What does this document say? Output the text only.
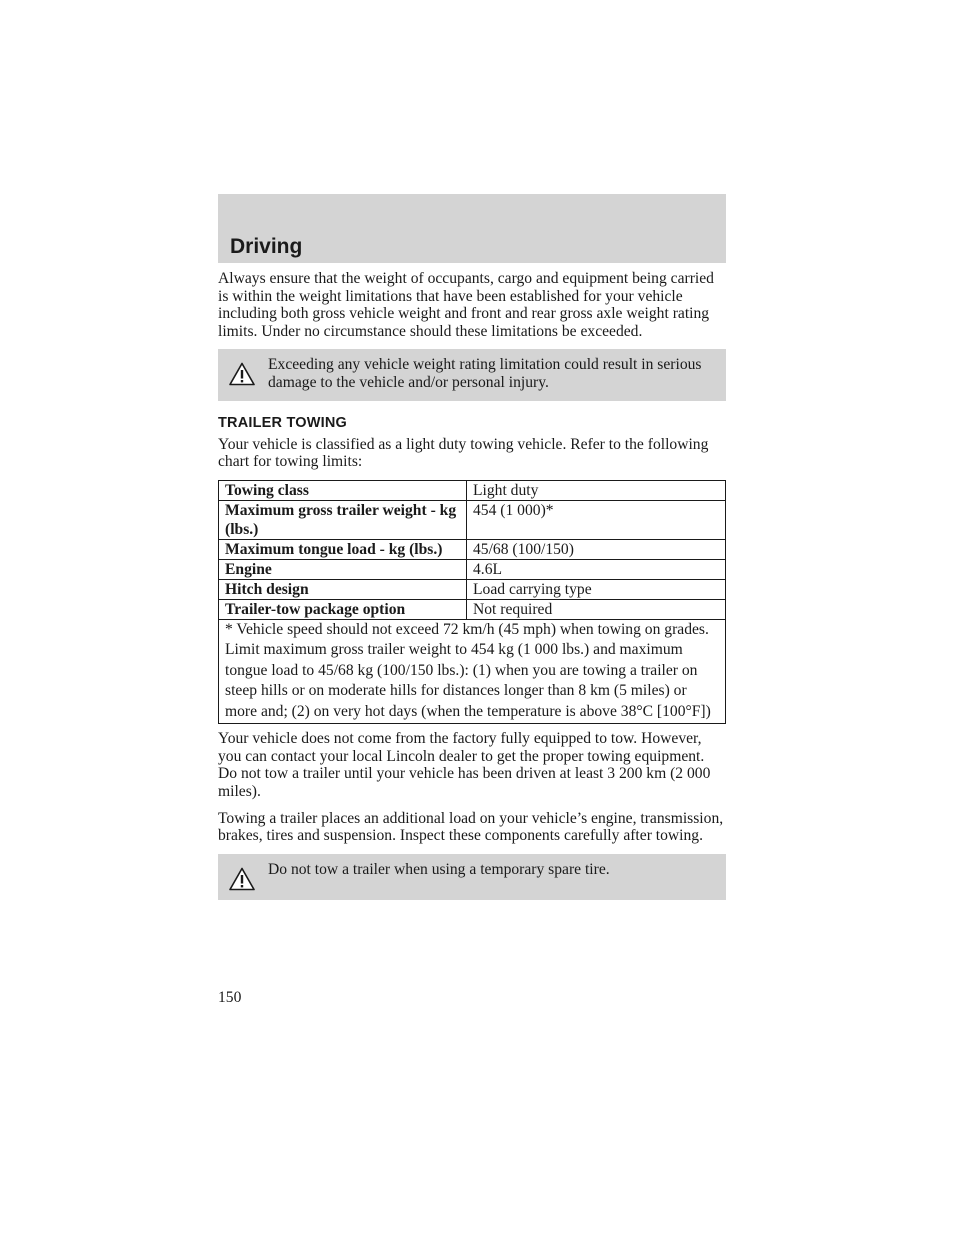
Driving

Always ensure that the weight of occupants, cargo and equipment being carried is within the weight limitations that have been established for your vehicle including both gross vehicle weight and front and rear gross axle weight rating limits. Under no circumstance should these limitations be exceeded.

Exceeding any vehicle weight rating limitation could result in serious damage to the vehicle and/or personal injury.
TRAILER TOWING

Your vehicle is classified as a light duty towing vehicle. Refer to the following chart for towing limits:

Towing class	Light duty
Maximum gross trailer weight - kg (lbs.)	454 (1 000)*
Maximum tongue load - kg (lbs.)	45/68 (100/150)
Engine	4.6L
Hitch design	Load carrying type
Trailer-tow package option	Not required
* Vehicle speed should not exceed 72 km/h (45 mph) when towing on grades. Limit maximum gross trailer weight to 454 kg (1 000 lbs.) and maximum tongue load to 45/68 kg (100/150 lbs.): (1) when you are towing a trailer on steep hills or on moderate hills for distances longer than 8 km (5 miles) or more and; (2) on very hot days (when the temperature is above 38°C [100°F])	

Your vehicle does not come from the factory fully equipped to tow. However, you can contact your local Lincoln dealer to get the proper towing equipment. Do not tow a trailer until your vehicle has been driven at least 3 200 km (2 000 miles).

Towing a trailer places an additional load on your vehicle’s engine, transmission, brakes, tires and suspension. Inspect these components carefully after towing.

Do not tow a trailer when using a temporary spare tire.
150
